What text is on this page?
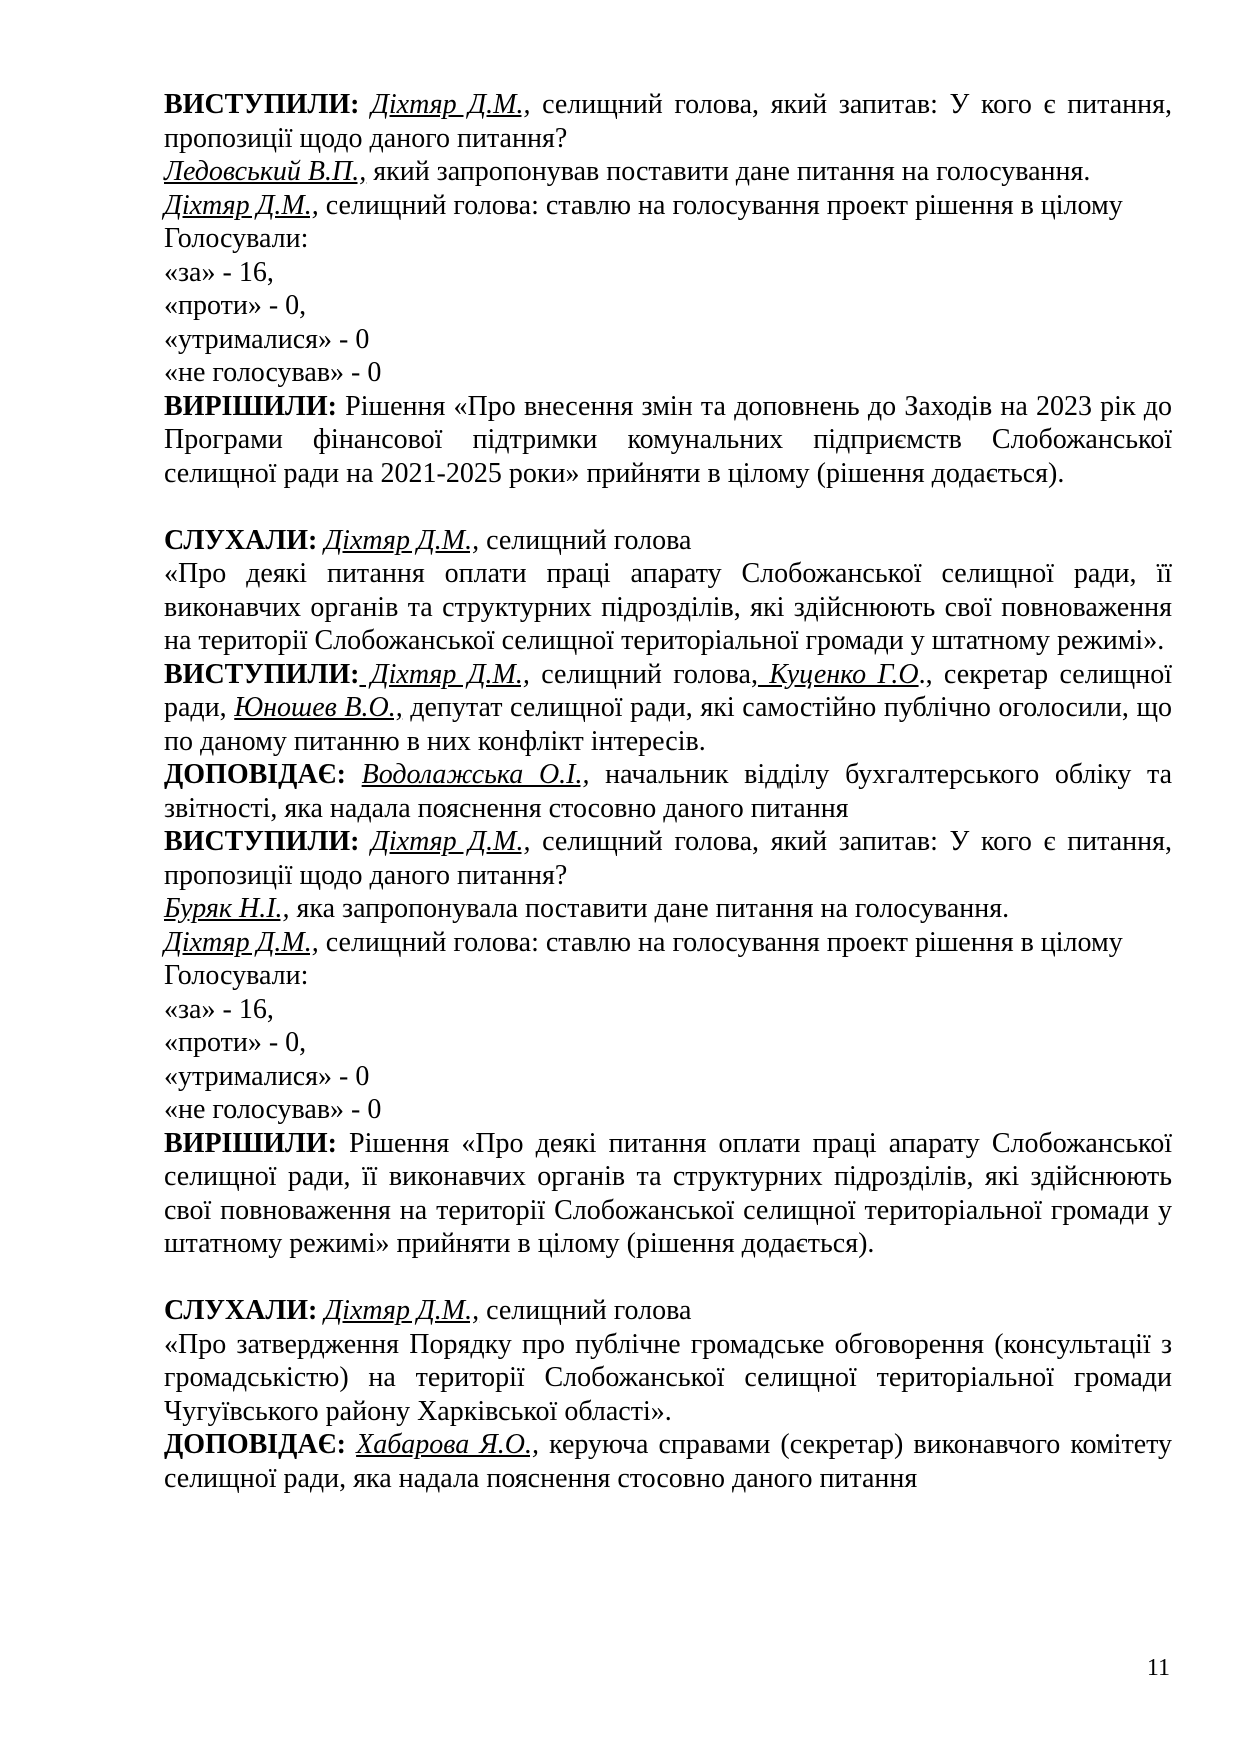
ВИСТУПИЛИ: Діхтяр Д.М., селищний голова, який запитав: У кого є питання, пропозиції щодо даного питання?

Ледовський В.П., який запропонував поставити дане питання на голосування.

Діхтяр Д.М., селищний голова: ставлю на голосування проект рішення в цілому

Голосували:

«за» - 16,

«проти» - 0,

«утрималися» - 0

«не голосував» - 0

ВИРІШИЛИ: Рішення «Про внесення змін та доповнень до Заходів на 2023 рік до Програми фінансової підтримки комунальних підприємств Слобожанської селищної ради на 2021-2025 роки» прийняти в цілому (рішення додається).

СЛУХАЛИ: Діхтяр Д.М., селищний голова

«Про деякі питання оплати праці апарату Слобожанської селищної ради, її виконавчих органів та структурних підрозділів, які здійснюють свої повноваження на території Слобожанської селищної територіальної громади у штатному режимі».

ВИСТУПИЛИ: Діхтяр Д.М., селищний голова, Куценко Г.О., секретар селищної ради, Юношев В.О., депутат селищної ради, які самостійно публічно оголосили, що по даному питанню в них конфлікт інтересів.

ДОПОВІДАЄ: Водолажська О.І., начальник відділу бухгалтерського обліку та звітності, яка надала пояснення стосовно даного питання

ВИСТУПИЛИ: Діхтяр Д.М., селищний голова, який запитав: У кого є питання, пропозиції щодо даного питання?

Буряк Н.І., яка запропонувала поставити дане питання на голосування.

Діхтяр Д.М., селищний голова: ставлю на голосування проект рішення в цілому

Голосували:

«за» - 16,

«проти» - 0,

«утрималися» - 0

«не голосував» - 0

ВИРІШИЛИ: Рішення «Про деякі питання оплати праці апарату Слобожанської селищної ради, її виконавчих органів та структурних підрозділів, які здійснюють свої повноваження на території Слобожанської селищної територіальної громади у штатному режимі» прийняти в цілому (рішення додається).

СЛУХАЛИ: Діхтяр Д.М., селищний голова

«Про затвердження Порядку про публічне громадське обговорення (консультації з громадськістю) на території Слобожанської селищної територіальної громади Чугуївського району Харківської області».

ДОПОВІДАЄ: Хабарова Я.О., керуюча справами (секретар) виконавчого комітету селищної ради, яка надала пояснення стосовно даного питання

11
